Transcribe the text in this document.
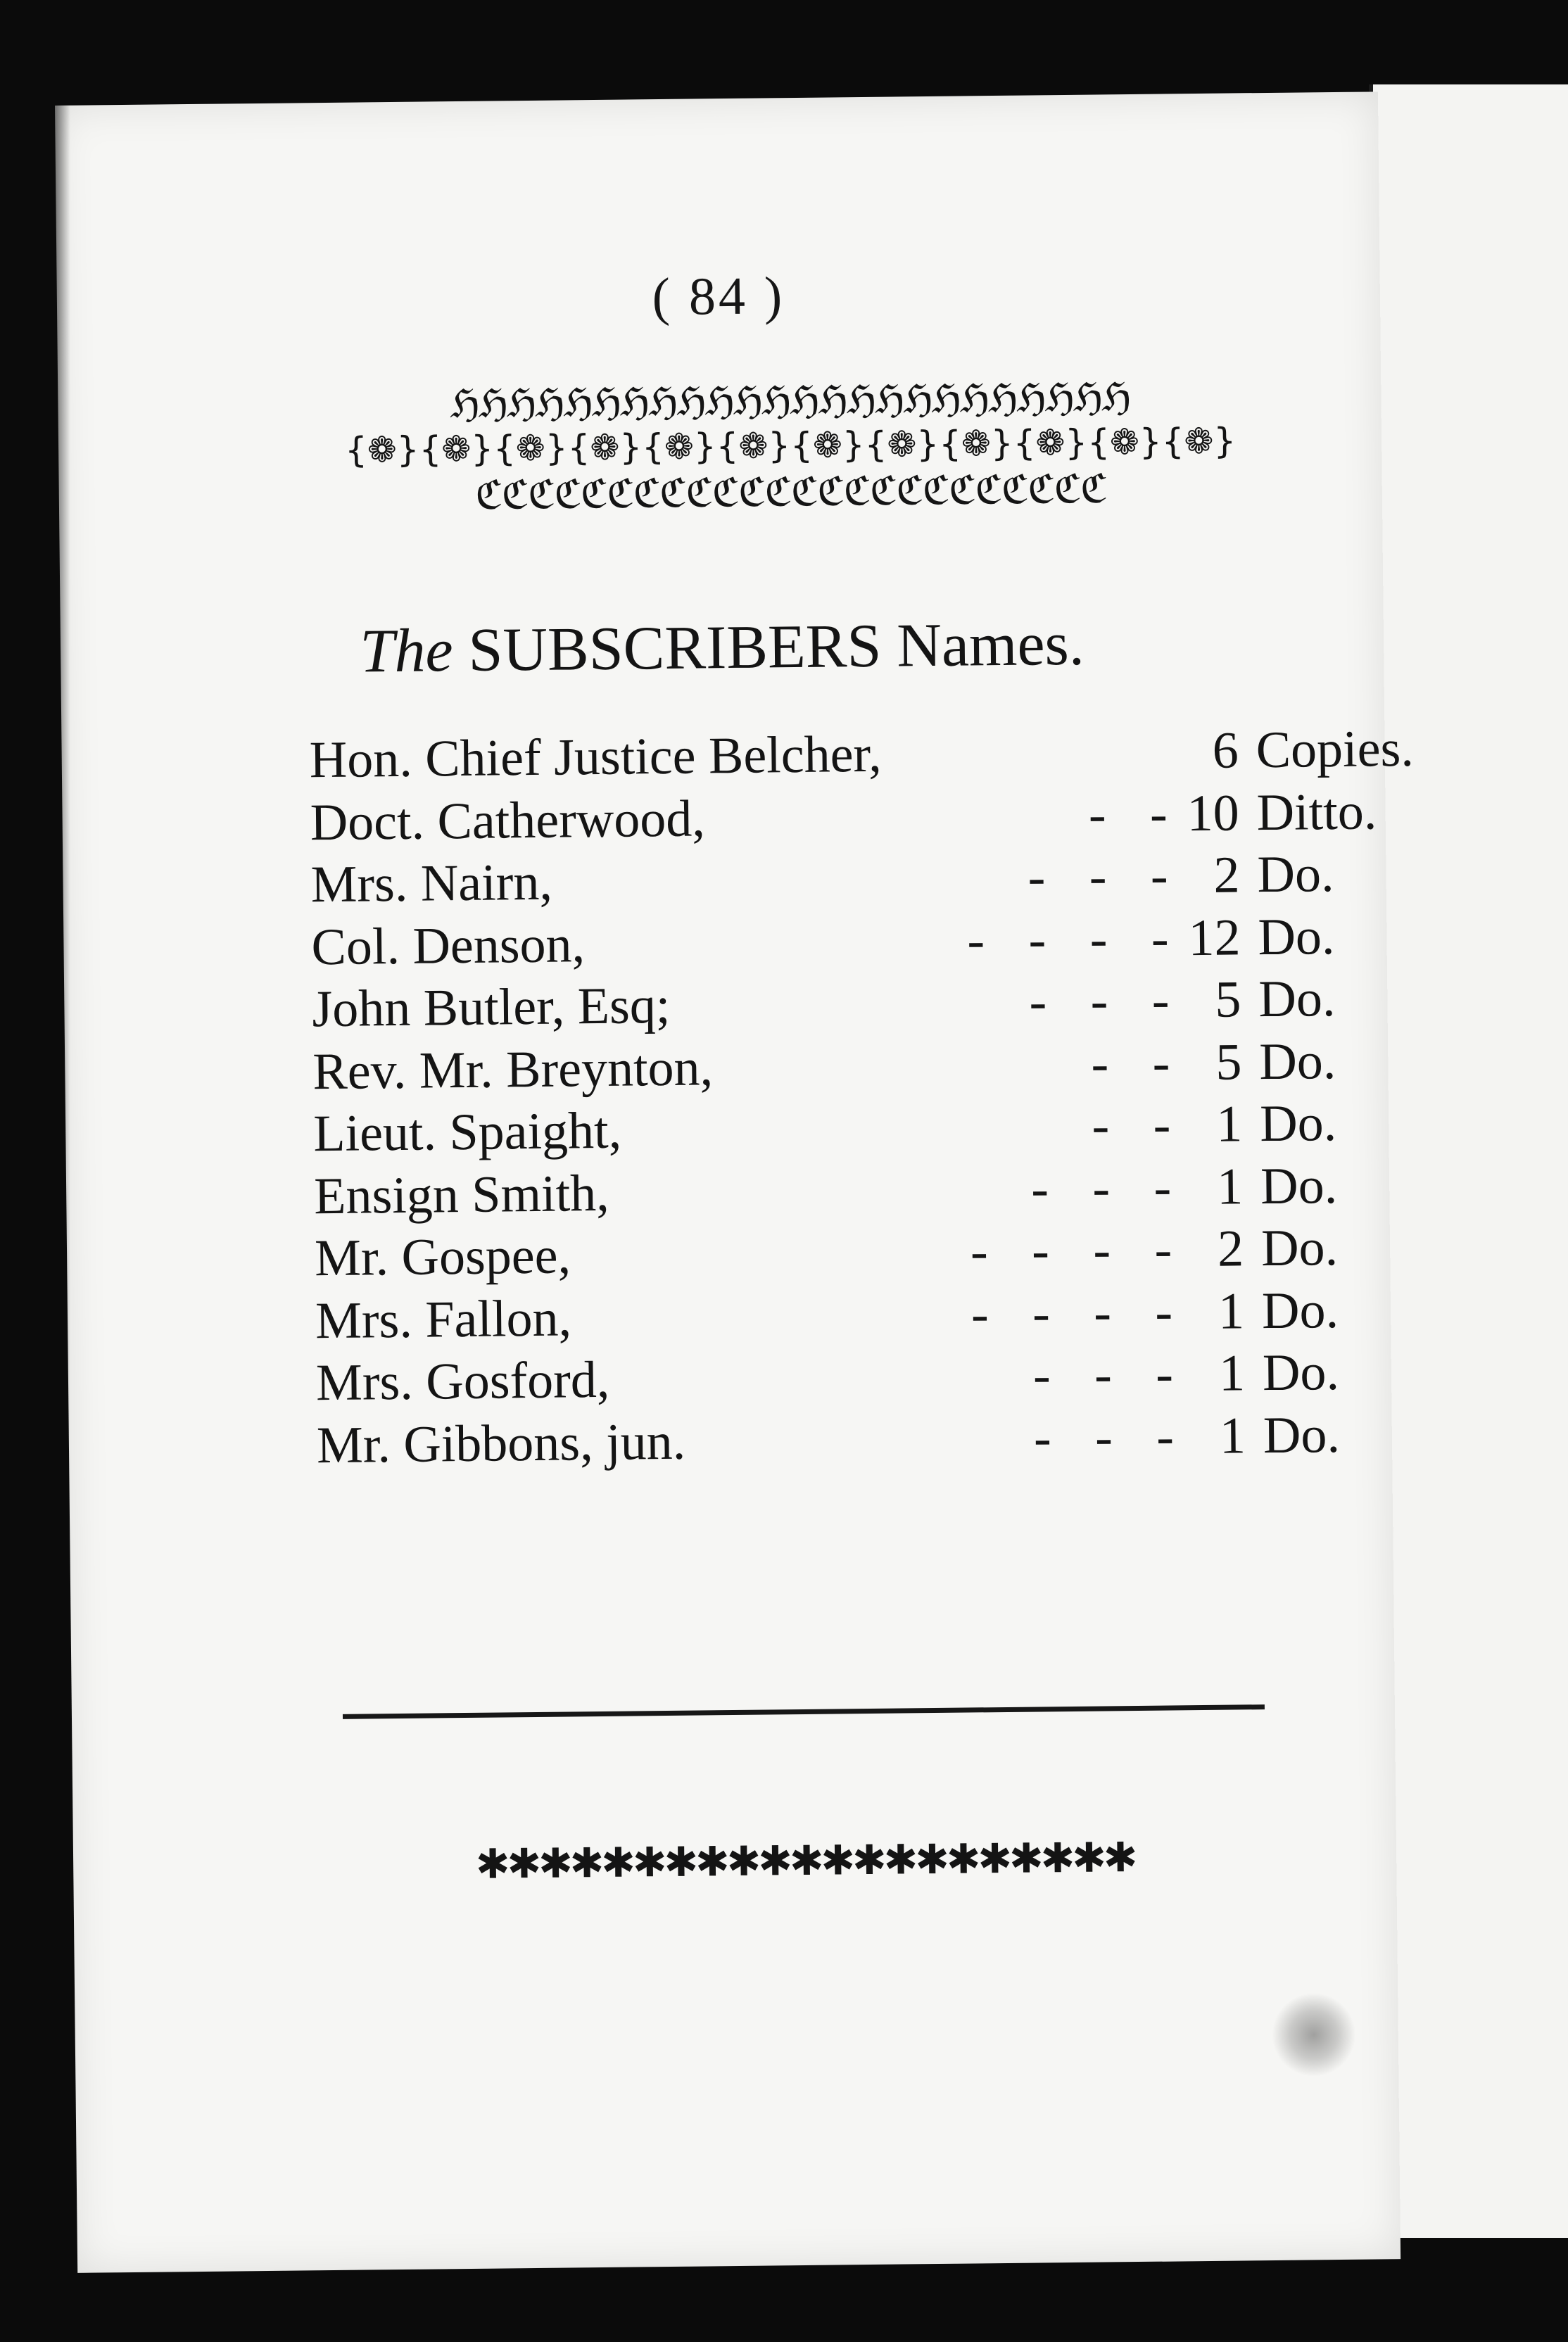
( 84 )
ℌℌℌℌℌℌℌℌℌℌℌℌℌℌℌℌℌℌℌℌℌℌℌℌ
{❁}{❁}{❁}{❁}{❁}{❁}{❁}{❁}{❁}{❁}{❁}{❁}
ℭℭℭℭℭℭℭℭℭℭℭℭℭℭℭℭℭℭℭℭℭℭℭℭ
The SUBSCRIBERS Names.
Hon. Chief Justice Belcher,	6 Copies.
Doct. Catherwood,	- - 10 Ditto.
Mrs. Nairn,	- - - 2 Do.
Col. Denson,	- - - - 12 Do.
John Butler, Esq;	- - - 5 Do.
Rev. Mr. Breynton,	- - 5 Do.
Lieut. Spaight,	- - 1 Do.
Ensign Smith,	- - - 1 Do.
Mr. Gospee,	- - - - 2 Do.
Mrs. Fallon,	- - - - 1 Do.
Mrs. Gosford,	- - - 1 Do.
Mr. Gibbons, jun.	- - - 1 Do.
✱✱✱✱✱✱✱✱✱✱✱✱✱✱✱✱✱✱✱✱✱
